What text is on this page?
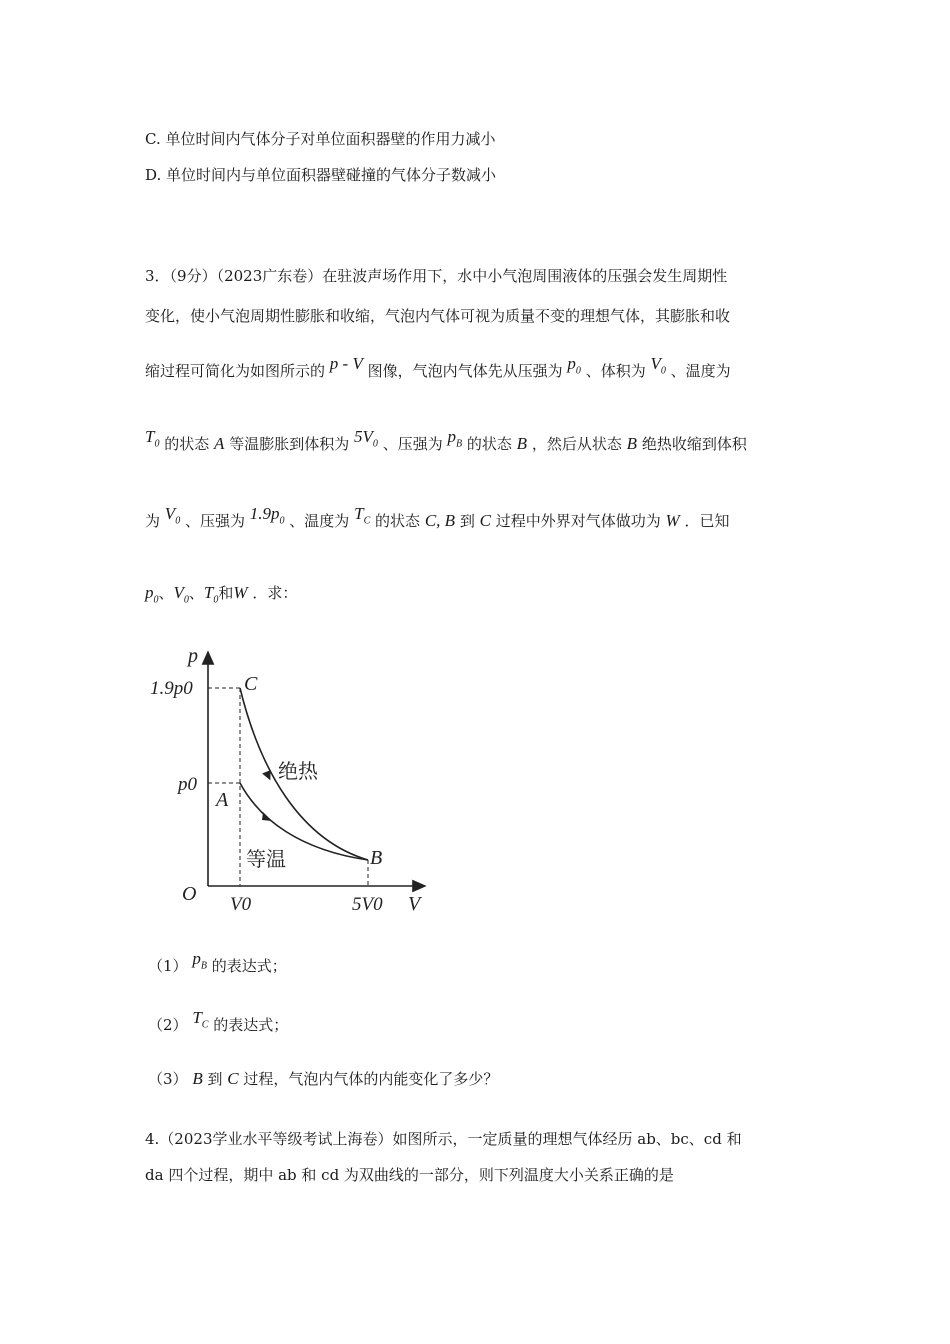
C. 单位时间内气体分子对单位面积器壁的作用力减小
D. 单位时间内与单位面积器壁碰撞的气体分子数减小
3．（9分）（2023广东卷）在驻波声场作用下，水中小气泡周围液体的压强会发生周期性
变化，使小气泡周期性膨胀和收缩，气泡内气体可视为质量不变的理想气体，其膨胀和收
缩过程可简化为如图所示的 p - V 图像，气泡内气体先从压强为 $p_0$ 、体积为 $V_0$ 、温度为
$T_0$ 的状态 A 等温膨胀到体积为 $5V_0$ 、压强为 $p_B$ 的状态 B ，然后从状态 B 绝热收缩到体积
为 $V_0$ 、压强为 $1.9p_0$ 、温度为 $T_C$ 的状态 C, B 到 C 过程中外界对气体做功为 W ．已知
$p_0$、$V_0$、$T_0$和W ．求：
p
V
O
1.9p0
p0
V0	5V0
C
A
B
绝热
等温
（1） $p_B$ 的表达式；
（2） $T_C$ 的表达式；
（3） B 到 C 过程，气泡内气体的内能变化了多少？
4.（2023学业水平等级考试上海卷）如图所示，一定质量的理想气体经历 ab、bc、cd 和
da 四个过程，期中 ab 和 cd 为双曲线的一部分，则下列温度大小关系正确的是
